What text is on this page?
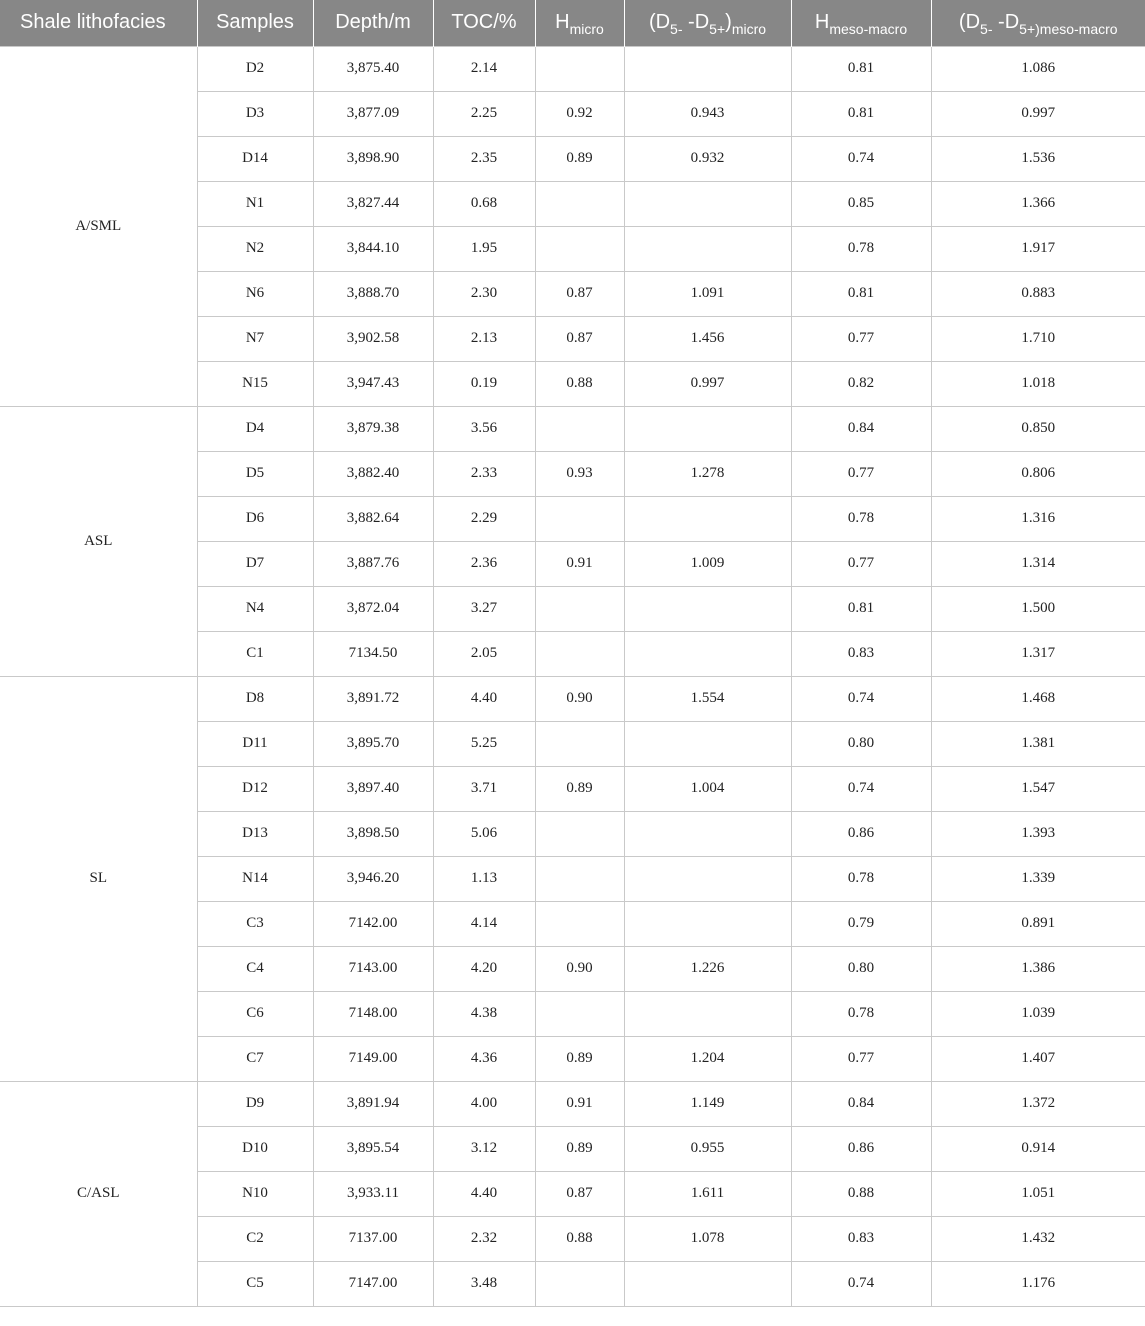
Shale lithofacies	Samples	Depth/m	TOC/%	$H_{micro}$	($D_{5-}$ $-D_{5+})_{micro}$	$H_{meso-macro}$	($D_{5-}$ $-D_{5+)meso-macro}$
A/SML	D2	3,875.40	2.14			0.81	1.086
	D3	3,877.09	2.25	0.92	0.943	0.81	0.997
	D14	3,898.90	2.35	0.89	0.932	0.74	1.536
	N1	3,827.44	0.68			0.85	1.366
	N2	3,844.10	1.95			0.78	1.917
	N6	3,888.70	2.30	0.87	1.091	0.81	0.883
	N7	3,902.58	2.13	0.87	1.456	0.77	1.710
	N15	3,947.43	0.19	0.88	0.997	0.82	1.018
ASL	D4	3,879.38	3.56			0.84	0.850
	D5	3,882.40	2.33	0.93	1.278	0.77	0.806
	D6	3,882.64	2.29			0.78	1.316
	D7	3,887.76	2.36	0.91	1.009	0.77	1.314
	N4	3,872.04	3.27			0.81	1.500
	C1	7134.50	2.05			0.83	1.317
SL	D8	3,891.72	4.40	0.90	1.554	0.74	1.468
	D11	3,895.70	5.25			0.80	1.381
	D12	3,897.40	3.71	0.89	1.004	0.74	1.547
	D13	3,898.50	5.06			0.86	1.393
	N14	3,946.20	1.13			0.78	1.339
	C3	7142.00	4.14			0.79	0.891
	C4	7143.00	4.20	0.90	1.226	0.80	1.386
	C6	7148.00	4.38			0.78	1.039
	C7	7149.00	4.36	0.89	1.204	0.77	1.407
C/ASL	D9	3,891.94	4.00	0.91	1.149	0.84	1.372
	D10	3,895.54	3.12	0.89	0.955	0.86	0.914
	N10	3,933.11	4.40	0.87	1.611	0.88	1.051
	C2	7137.00	2.32	0.88	1.078	0.83	1.432
	C5	7147.00	3.48			0.74	1.176
